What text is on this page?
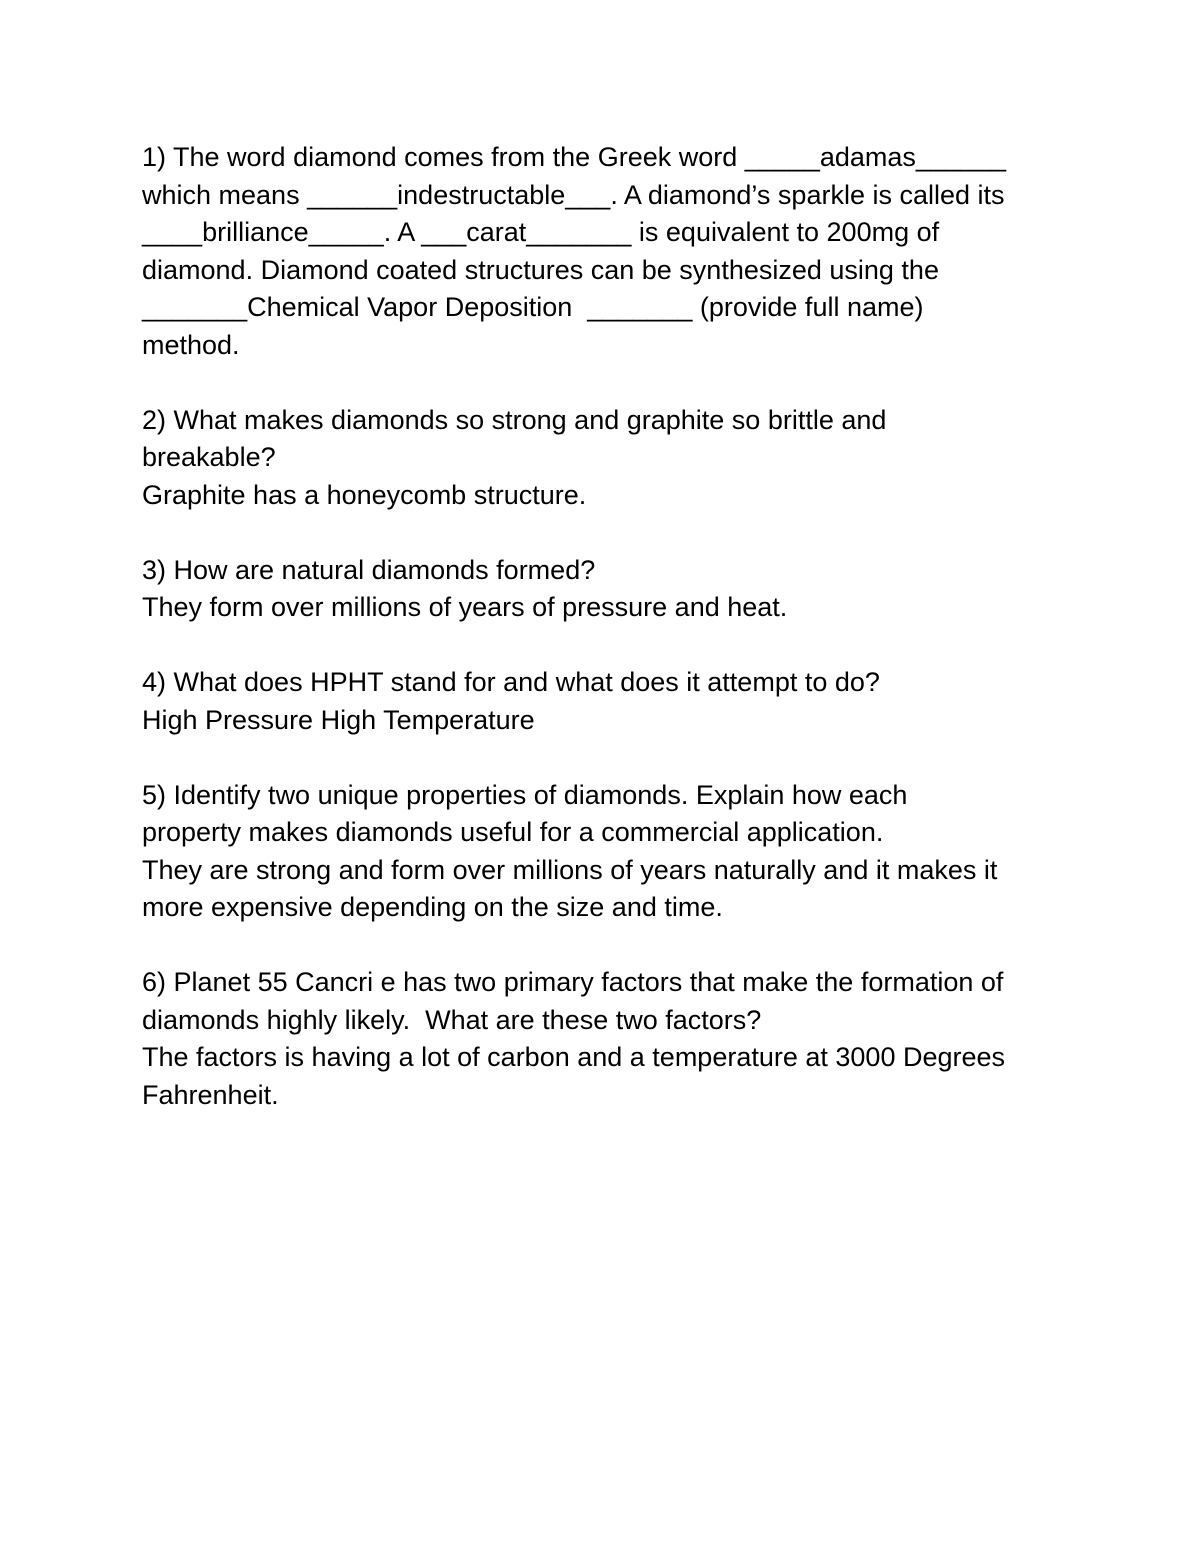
1) The word diamond comes from the Greek word _____adamas______
which means ______indestructable___. A diamond’s sparkle is called its
____brilliance_____. A ___carat_______ is equivalent to 200mg of
diamond. Diamond coated structures can be synthesized using the
_______Chemical Vapor Deposition  _______ (provide full name)
method.
2) What makes diamonds so strong and graphite so brittle and
breakable?
Graphite has a honeycomb structure.
3) How are natural diamonds formed?
They form over millions of years of pressure and heat.
4) What does HPHT stand for and what does it attempt to do?
High Pressure High Temperature
5) Identify two unique properties of diamonds. Explain how each
property makes diamonds useful for a commercial application.
They are strong and form over millions of years naturally and it makes it
more expensive depending on the size and time.
6) Planet 55 Cancri e has two primary factors that make the formation of
diamonds highly likely.  What are these two factors?
The factors is having a lot of carbon and a temperature at 3000 Degrees
Fahrenheit.
